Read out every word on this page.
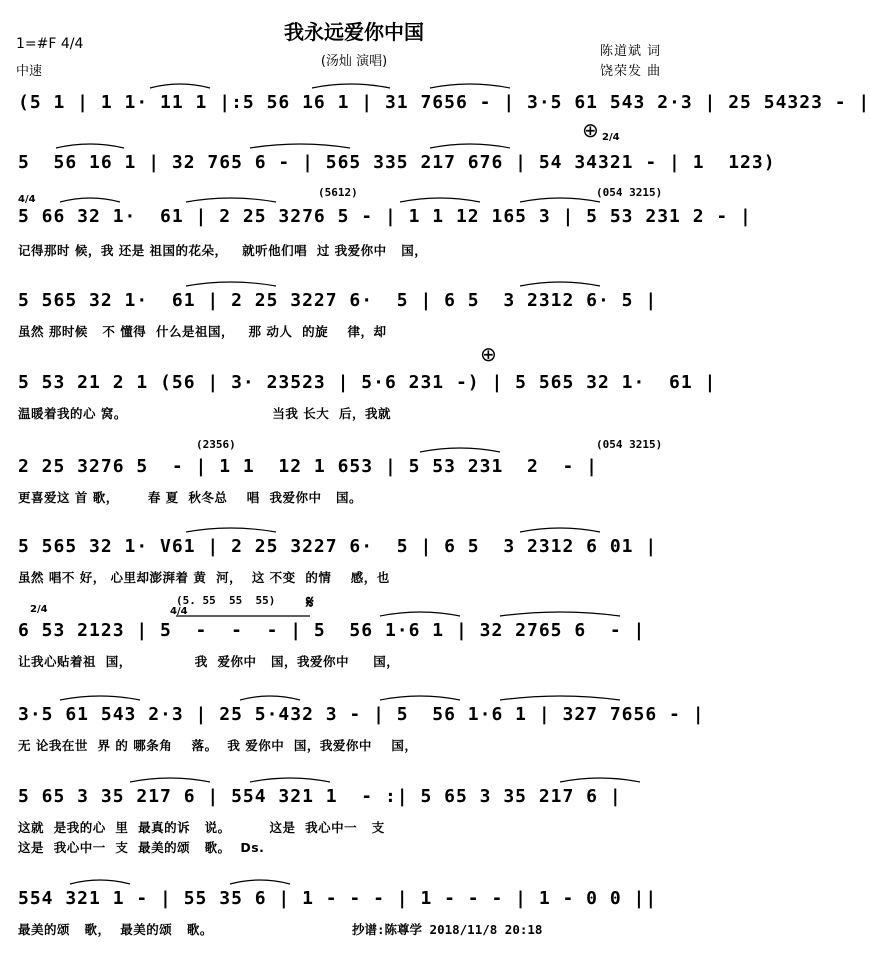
我永远爱你中国
(汤灿 演唱)
1=#F 4/4
中速
陈道斌 词
饶荣发 曲
(5 1 | 1 1· 11 1 |:5 56 16 1 | 31 7656 - | 3·5 61 543 2·3 | 25 54323 - |
⊕ 2/4
5  56 16 1 | 32 765 6 - | 565 335 217 676 | 54 34321 - | 1  123)
4/4
(5612)	(054 3215)
5 66 32 1·  61 | 2 25 3276 5 - | 1 1 12 165 3 | 5 53 231 2 - |
记得那时 候，我 还是 祖国的花朵，   就听他们唱  过 我爱你中   国，
5 565 32 1·  61 | 2 25 3227 6·  5 | 6 5  3 2312 6· 5 |
虽然 那时候   不 懂得  什么是祖国，   那 动人  的旋    律，却
⊕
5 53 21 2 1 (56 | 3· 23523 | 5·6 231 -) | 5 565 32 1·  61 |
温暖着我的心 窝。                              当我 长大  后，我就
(2356)	(054 3215)
2 25 3276 5  - | 1 1  12 1 653 | 5 53 231  2  - |
更喜爱这 首 歌，      春 夏  秋冬总    唱  我爱你中   国。
5 565 32 1· V61 | 2 25 3227 6·  5 | 6 5  3 2312 6 01 |
虽然 唱不 好， 心里却澎湃着 黄  河，  这 不变  的情    感，也
2/4
(5. 55  55  55)
4/4	𝄋
6 53 2123 | 5  -  -  - | 5  56 1·6 1 | 32 2765 6  - |
让我心贴着祖  国，             我  爱你中   国，我爱你中     国，
3·5 61 543 2·3 | 25 5·432 3 - | 5  56 1·6 1 | 327 7656 - |
无 论我在世  界 的 哪条角    落。  我 爱你中  国，我爱你中    国，
5 65 3 35 217 6 | 554 321 1  - :| 5 65 3 35 217 6 |
这就  是我的心  里  最真的诉   说。        这是  我心中一   支
这是  我心中一  支  最美的颂   歌。  Ds.
554 321 1 - | 55 35 6 | 1 - - - | 1 - - - | 1 - 0 0 ||
最美的颂   歌，  最美的颂   歌。	抄谱:陈尊学 2018/11/8 20:18
